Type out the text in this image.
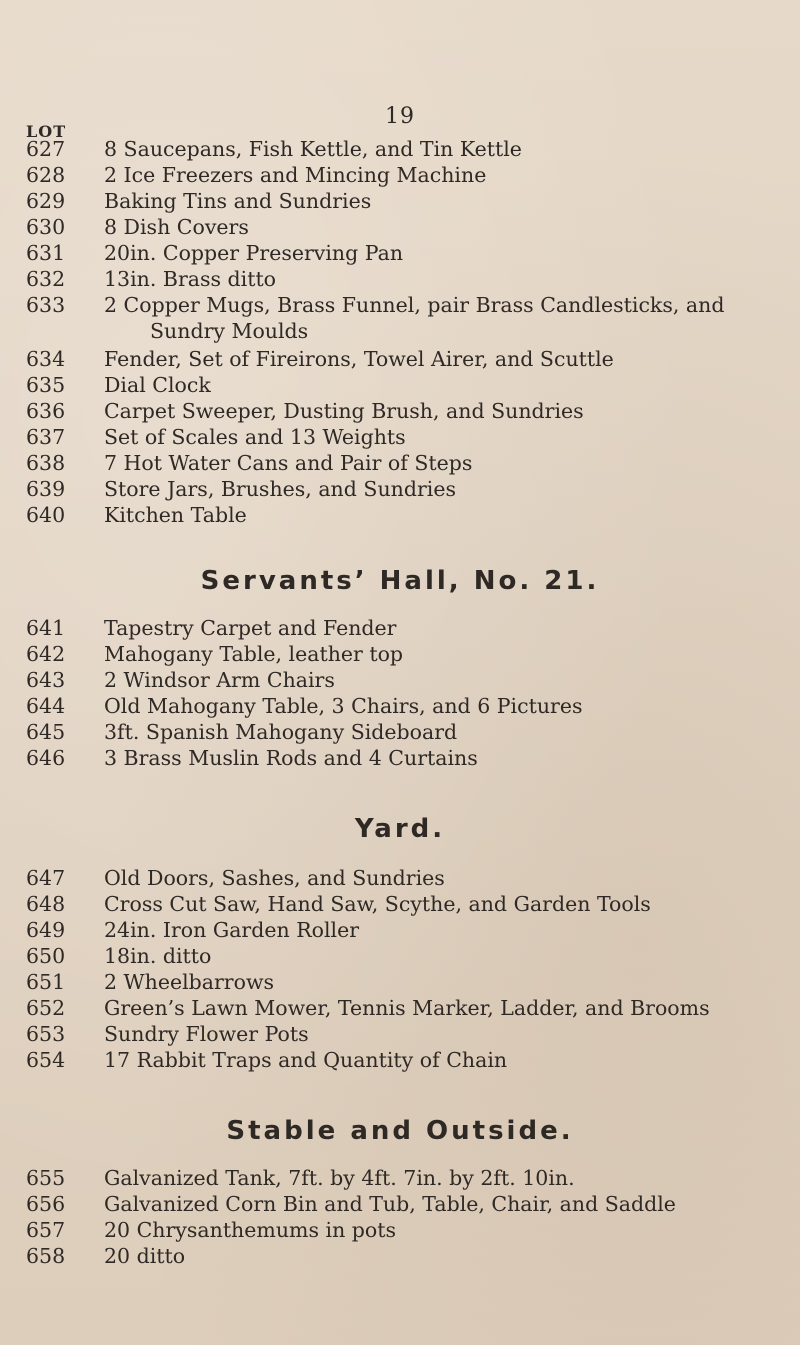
19
LOT
627	8 Saucepans, Fish Kettle, and Tin Kettle
628	2 Ice Freezers and Mincing Machine
629	Baking Tins and Sundries
630	8 Dish Covers
631	20in. Copper Preserving Pan
632	13in. Brass ditto
633	2 Copper Mugs, Brass Funnel, pair Brass Candlesticks, and
Sundry Moulds
634	Fender, Set of Fireirons, Towel Airer, and Scuttle
635	Dial Clock
636	Carpet Sweeper, Dusting Brush, and Sundries
637	Set of Scales and 13 Weights
638	7 Hot Water Cans and Pair of Steps
639	Store Jars, Brushes, and Sundries
640	Kitchen Table
Servants’ Hall, No. 21.
641	Tapestry Carpet and Fender
642	Mahogany Table, leather top
643	2 Windsor Arm Chairs
644	Old Mahogany Table, 3 Chairs, and 6 Pictures
645	3ft. Spanish Mahogany Sideboard
646	3 Brass Muslin Rods and 4 Curtains
Yard.
647	Old Doors, Sashes, and Sundries
648	Cross Cut Saw, Hand Saw, Scythe, and Garden Tools
649	24in. Iron Garden Roller
650	18in. ditto
651	2 Wheelbarrows
652	Green’s Lawn Mower, Tennis Marker, Ladder, and Brooms
653	Sundry Flower Pots
654	17 Rabbit Traps and Quantity of Chain
Stable and Outside.
655	Galvanized Tank, 7ft. by 4ft. 7in. by 2ft. 10in.
656	Galvanized Corn Bin and Tub, Table, Chair, and Saddle
657	20 Chrysanthemums in pots
658	20 ditto
